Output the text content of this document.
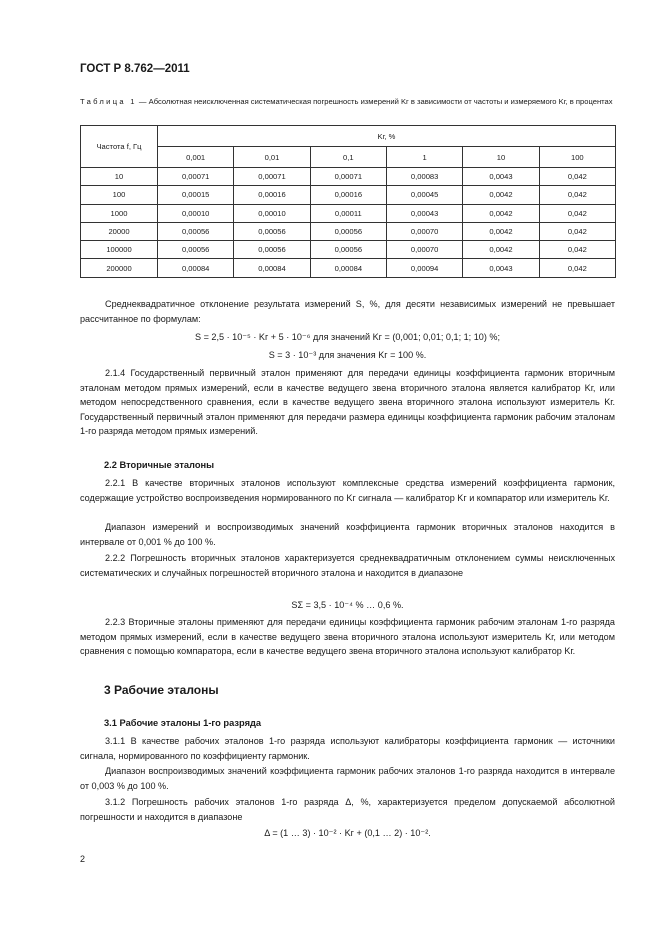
ГОСТ Р 8.762—2011
Таблица 1 — Абсолютная неисключенная систематическая погрешность измерений Kг в зависимости от частоты и измеряемого Kг, в процентах
Частота f, Гц	Kг, %					
	0,001	0,01	0,1	1	10	100
10	0,00071	0,00071	0,00071	0,00083	0,0043	0,042
100	0,00015	0,00016	0,00016	0,00045	0,0042	0,042
1000	0,00010	0,00010	0,00011	0,00043	0,0042	0,042
20000	0,00056	0,00056	0,00056	0,00070	0,0042	0,042
100000	0,00056	0,00056	0,00056	0,00070	0,0042	0,042
200000	0,00084	0,00084	0,00084	0,00094	0,0043	0,042
Среднеквадратичное отклонение результата измерений S, %, для десяти независимых измерений не превышает рассчитанное по формулам:
S = 2,5 · 10⁻⁵ · Kг + 5 · 10⁻⁶ для значений Kг = (0,001; 0,01; 0,1; 1; 10) %;
S = 3 · 10⁻³ для значения Kг = 100 %.
2.1.4 Государственный первичный эталон применяют для передачи единицы коэффициента гармоник вторичным эталонам методом прямых измерений, если в качестве ведущего звена вторичного эталона является калибратор Kг, или методом непосредственного сравнения, если в качестве ведущего звена вторичного эталона используют измеритель Kг. Государственный первичный эталон применяют для передачи размера единицы коэффициента гармоник рабочим эталонам 1-го разряда методом прямых измерений.
2.2 Вторичные эталоны
2.2.1 В качестве вторичных эталонов используют комплексные средства измерений коэффициента гармоник, содержащие устройство воспроизведения нормированного по Kг сигнала — калибратор Kг и компаратор или измеритель Kг.
Диапазон измерений и воспроизводимых значений коэффициента гармоник вторичных эталонов находится в интервале от 0,001 % до 100 %.
2.2.2 Погрешность вторичных эталонов характеризуется среднеквадратичным отклонением суммы неисключенных систематических и случайных погрешностей вторичного эталона и находится в диапазоне
SΣ = 3,5 · 10⁻⁴ % … 0,6 %.
2.2.3 Вторичные эталоны применяют для передачи единицы коэффициента гармоник рабочим эталонам 1-го разряда методом прямых измерений, если в качестве ведущего звена вторичного эталона используют измеритель Kг, или методом сравнения с помощью компаратора, если в качестве ведущего звена вторичного эталона используют калибратор Kг.
3 Рабочие эталоны
3.1 Рабочие эталоны 1-го разряда
3.1.1 В качестве рабочих эталонов 1-го разряда используют калибраторы коэффициента гармоник — источники сигнала, нормированного по коэффициенту гармоник.
Диапазон воспроизводимых значений коэффициента гармоник рабочих эталонов 1-го разряда находится в интервале от 0,003 % до 100 %.
3.1.2 Погрешность рабочих эталонов 1-го разряда Δ, %, характеризуется пределом допускаемой абсолютной погрешности и находится в диапазоне
Δ = (1 … 3) · 10⁻² · Kг + (0,1 … 2) · 10⁻².
2
